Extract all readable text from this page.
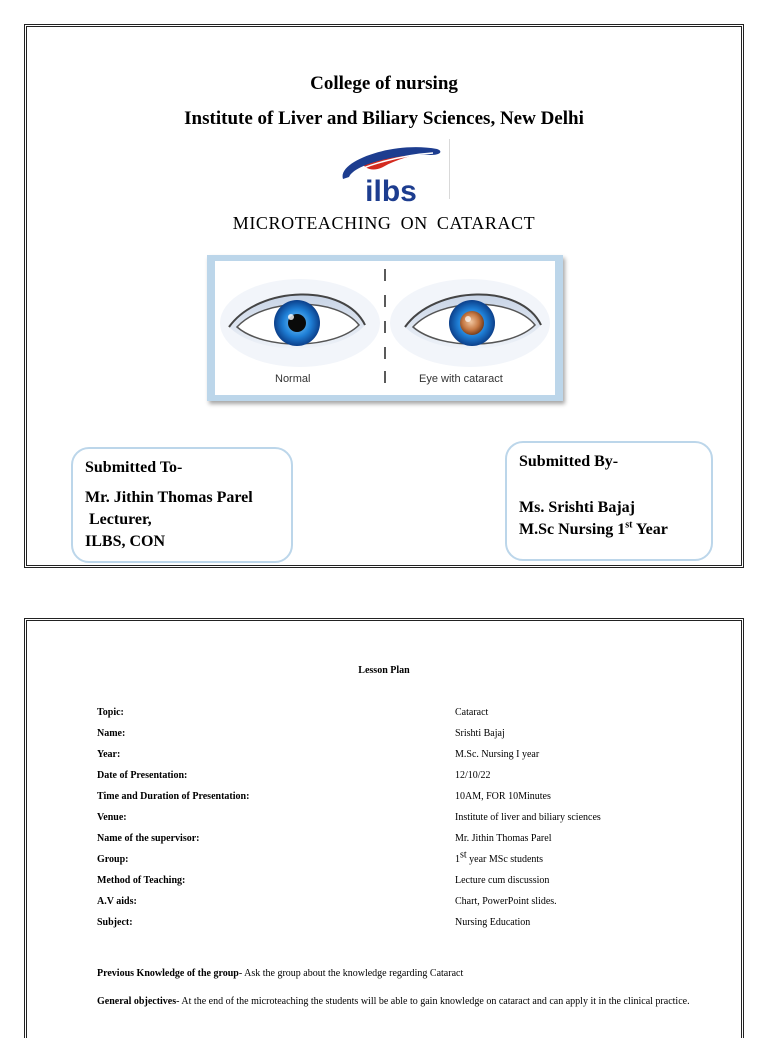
College of nursing
Institute of Liver and Biliary Sciences, New Delhi
ilbs
MICROTEACHING ON CATARACT
Normal	Eye with cataract
Submitted To-
Mr. Jithin Thomas Parel
Lecturer,
ILBS, CON
Submitted By-
Ms. Srishti Bajaj
M.Sc Nursing 1st Year
Lesson Plan
Topic:	Cataract
Name:	Srishti Bajaj
Year:	M.Sc. Nursing I year
Date of Presentation:	12/10/22
Time and Duration of Presentation:	10AM, FOR 10Minutes
Venue:	Institute of liver and biliary sciences
Name of the supervisor:	Mr. Jithin Thomas Parel
Group:	1st year MSc students
Method of Teaching:	Lecture cum discussion
A.V aids:	Chart, PowerPoint slides.
Subject:	Nursing Education
Previous Knowledge of the group- Ask the group about the knowledge regarding Cataract
General objectives- At the end of the microteaching the students will be able to gain knowledge on cataract and can apply it in the clinical practice.
